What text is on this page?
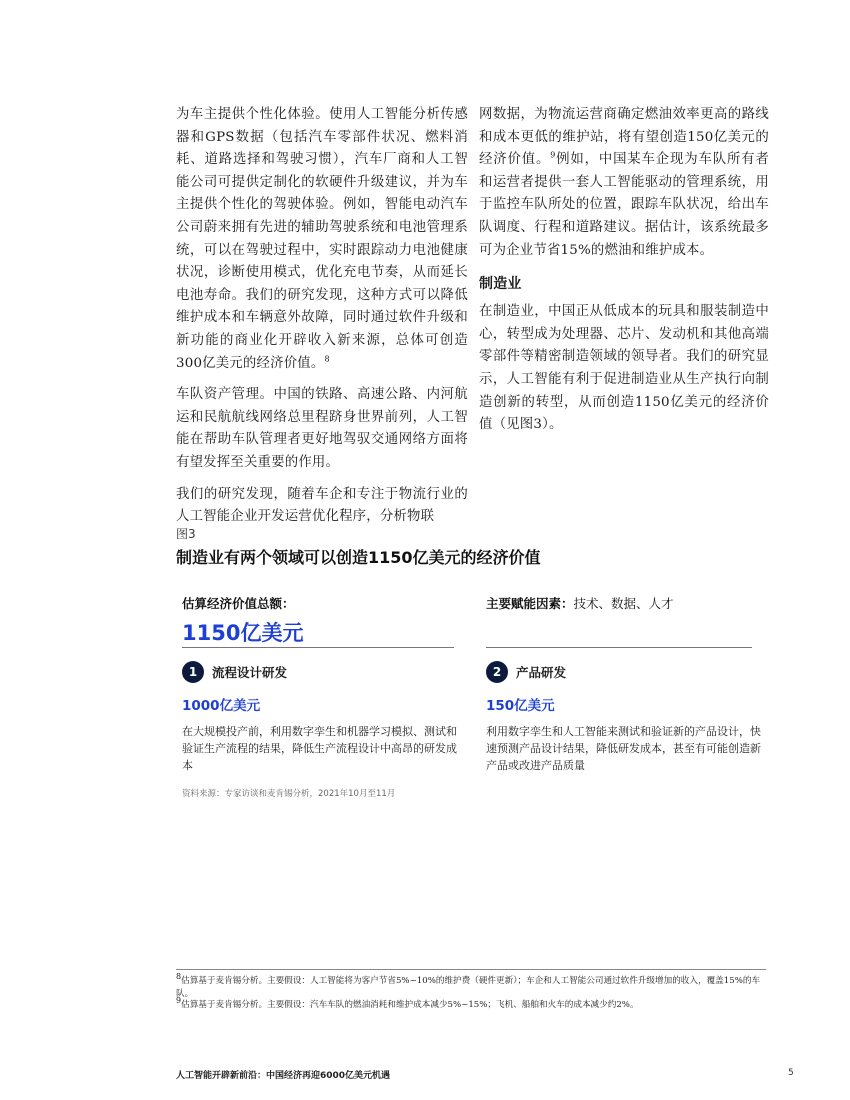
为车主提供个性化体验。使用人工智能分析传感器和GPS数据（包括汽车零部件状况、燃料消耗、道路选择和驾驶习惯），汽车厂商和人工智能公司可提供定制化的软硬件升级建议，并为车主提供个性化的驾驶体验。例如，智能电动汽车公司蔚来拥有先进的辅助驾驶系统和电池管理系统，可以在驾驶过程中，实时跟踪动力电池健康状况，诊断使用模式，优化充电节奏，从而延长电池寿命。我们的研究发现，这种方式可以降低维护成本和车辆意外故障，同时通过软件升级和新功能的商业化开辟收入新来源，总体可创造300亿美元的经济价值。$^8$

车队资产管理。中国的铁路、高速公路、内河航运和民航航线网络总里程跻身世界前列，人工智能在帮助车队管理者更好地驾驭交通网络方面将有望发挥至关重要的作用。

我们的研究发现，随着车企和专注于物流行业的人工智能企业开发运营优化程序，分析物联

网数据，为物流运营商确定燃油效率更高的路线和成本更低的维护站，将有望创造150亿美元的经济价值。$^9$例如，中国某车企现为车队所有者和运营者提供一套人工智能驱动的管理系统，用于监控车队所处的位置，跟踪车队状况，给出车队调度、行程和道路建议。据估计，该系统最多可为企业节省15%的燃油和维护成本。

制造业

在制造业，中国正从低成本的玩具和服装制造中心，转型成为处理器、芯片、发动机和其他高端零部件等精密制造领域的领导者。我们的研究显示，人工智能有利于促进制造业从生产执行向制造创新的转型，从而创造1150亿美元的经济价值（见图3）。

图3
制造业有两个领域可以创造1150亿美元的经济价值
估算经济价值总额：	主要赋能因素：技术、数据、人才
1150亿美元
1	流程设计研发
1000亿美元
在大规模投产前，利用数字孪生和机器学习模拟、测试和验证生产流程的结果，降低生产流程设计中高昂的研发成本
2	产品研发
150亿美元
利用数字孪生和人工智能来测试和验证新的产品设计，快速预测产品设计结果，降低研发成本，甚至有可能创造新产品或改进产品质量
资料来源：专家访谈和麦肯锡分析，2021年10月至11月
$^8$估算基于麦肯锡分析。主要假设：人工智能将为客户节省5%~10%的维护费（硬件更新）；车企和人工智能公司通过软件升级增加的收入，覆盖15%的车队。
$^9$估算基于麦肯锡分析。主要假设：汽车车队的燃油消耗和维护成本减少5%~15%；飞机、船舶和火车的成本减少约2%。
人工智能开辟新前沿：中国经济再迎6000亿美元机遇	5
